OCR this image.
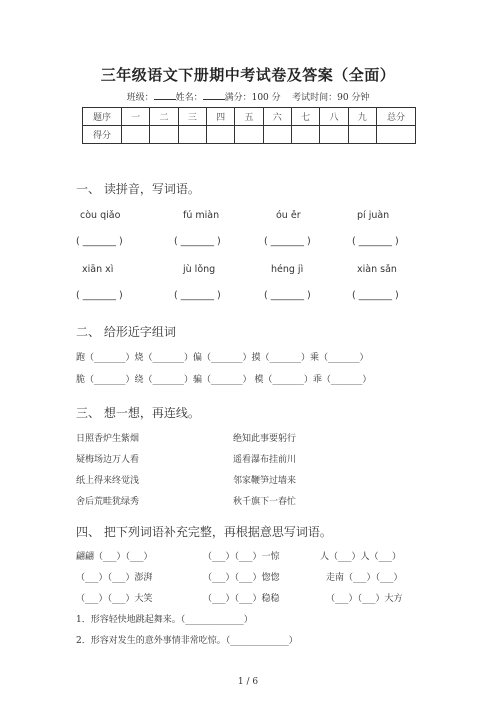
三年级语文下册期中考试卷及答案（全面）
班级： 姓名： 满分：100 分 考试时间：90 分钟
题序	一	二	三	四	五	六	七	八	九	总分
得分										
一、 读拼音，写词语。
còu qiǎo	fú miàn	óu ěr	pí juàn
( _______ )	( _______ )	( _______ )	( _______ )
xiān xì	jù lǒng	héng jì	xiàn sǎn
( _______ )	( _______ )	( _______ )	( _______ )
二、 给形近字组词
跑（_______）烧（_______）偏（_______）摸（_______）乘（_______）
脆（_______）绕（_______）骗（_______） 模（_______）乖（_______）
三、 想一想，再连线。
日照香炉生紫烟
疑梅场边万人看
纸上得来终觉浅
舍后荒畦犹绿秀
绝知此事要躬行
遥看瀑布挂前川
邻家鞭笋过墙来
秋千旗下一春忙
四、 把下列词语补充完整，再根据意思写词语。
翩翩（___）（___）	（___）（___）一惊	人（___）人（___）
（___）（___）澎湃	（___）（___）惚惚	走南（___）（___）
（___）（___）大笑	（___）（___）稳稳	（___）（___）大方
1．形容轻快地跳起舞来。（_____________）
2．形容对发生的意外事情非常吃惊。（_____________）
1 / 6
